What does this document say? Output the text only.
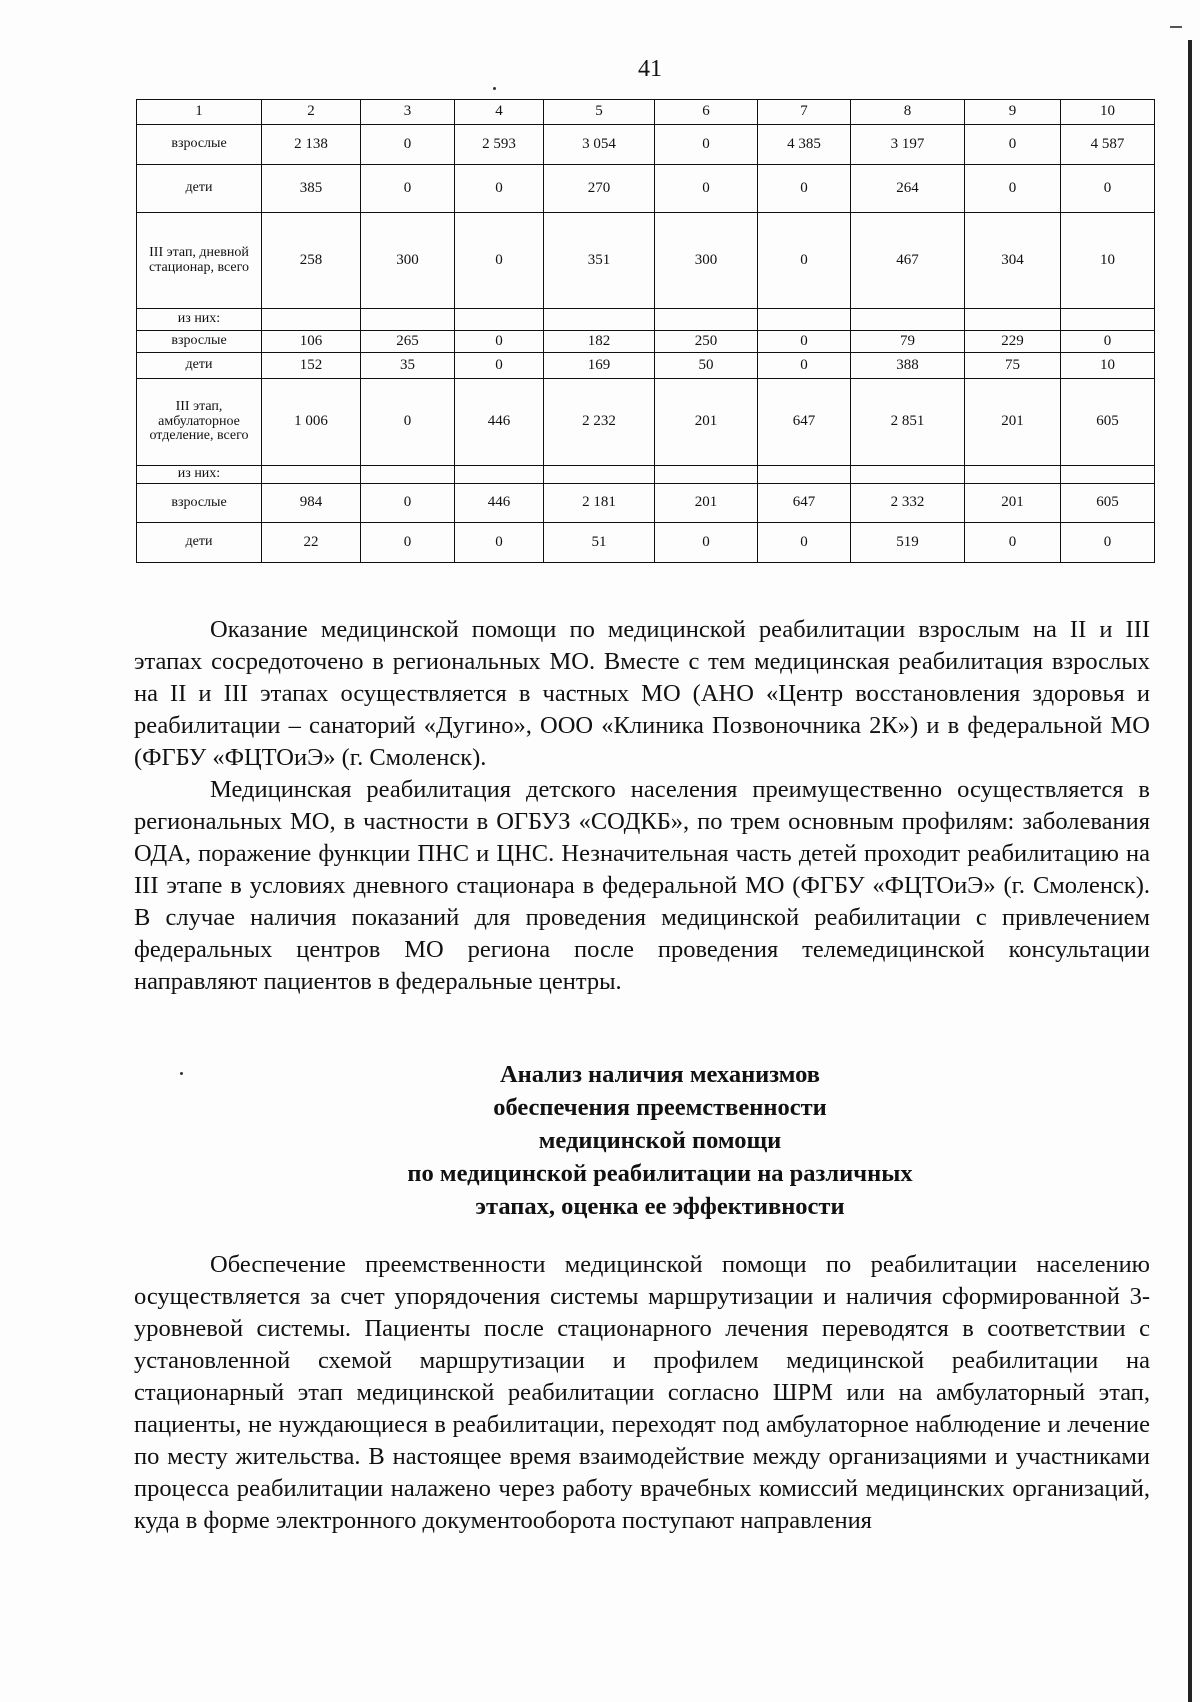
41
1	2	3	4	5	6	7	8	9	10
взрослые	2 138	0	2 593	3 054	0	4 385	3 197	0	4 587
дети	385	0	0	270	0	0	264	0	0
III этап, дневной стационар, всего	258	300	0	351	300	0	467	304	10
из них:									
взрослые	106	265	0	182	250	0	79	229	0
дети	152	35	0	169	50	0	388	75	10
III этап, амбулаторное отделение, всего	1 006	0	446	2 232	201	647	2 851	201	605
из них:									
взрослые	984	0	446	2 181	201	647	2 332	201	605
дети	22	0	0	51	0	0	519	0	0

Оказание медицинской помощи по медицинской реабилитации взрослым на II и III этапах сосредоточено в региональных МО. Вместе с тем медицинская реабилитация взрослых на II и III этапах осуществляется в частных МО (АНО «Центр восстановления здоровья и реабилитации – санаторий «Дугино», ООО «Клиника Позвоночника 2К») и в федеральной МО (ФГБУ «ФЦТОиЭ» (г. Смоленск).

Медицинская реабилитация детского населения преимущественно осуществляется в региональных МО, в частности в ОГБУЗ «СОДКБ», по трем основным профилям: заболевания ОДА, поражение функции ПНС и ЦНС. Незначительная часть детей проходит реабилитацию на III этапе в условиях дневного стационара в федеральной МО (ФГБУ «ФЦТОиЭ» (г. Смоленск). В случае наличия показаний для проведения медицинской реабилитации с привлечением федеральных центров МО региона после проведения телемедицинской консультации направляют пациентов в федеральные центры.

Анализ наличия механизмов
обеспечения преемственности
медицинской помощи
по медицинской реабилитации на различных
этапах, оценка ее эффективности

Обеспечение преемственности медицинской помощи по реабилитации населению осуществляется за счет упорядочения системы маршрутизации и наличия сформированной 3-уровневой системы. Пациенты после стационарного лечения переводятся в соответствии с установленной схемой маршрутизации и профилем медицинской реабилитации на стационарный этап медицинской реабилитации согласно ШРМ или на амбулаторный этап, пациенты, не нуждающиеся в реабилитации, переходят под амбулаторное наблюдение и лечение по месту жительства. В настоящее время взаимодействие между организациями и участниками процесса реабилитации налажено через работу врачебных комиссий медицинских организаций, куда в форме электронного документооборота поступают направления
